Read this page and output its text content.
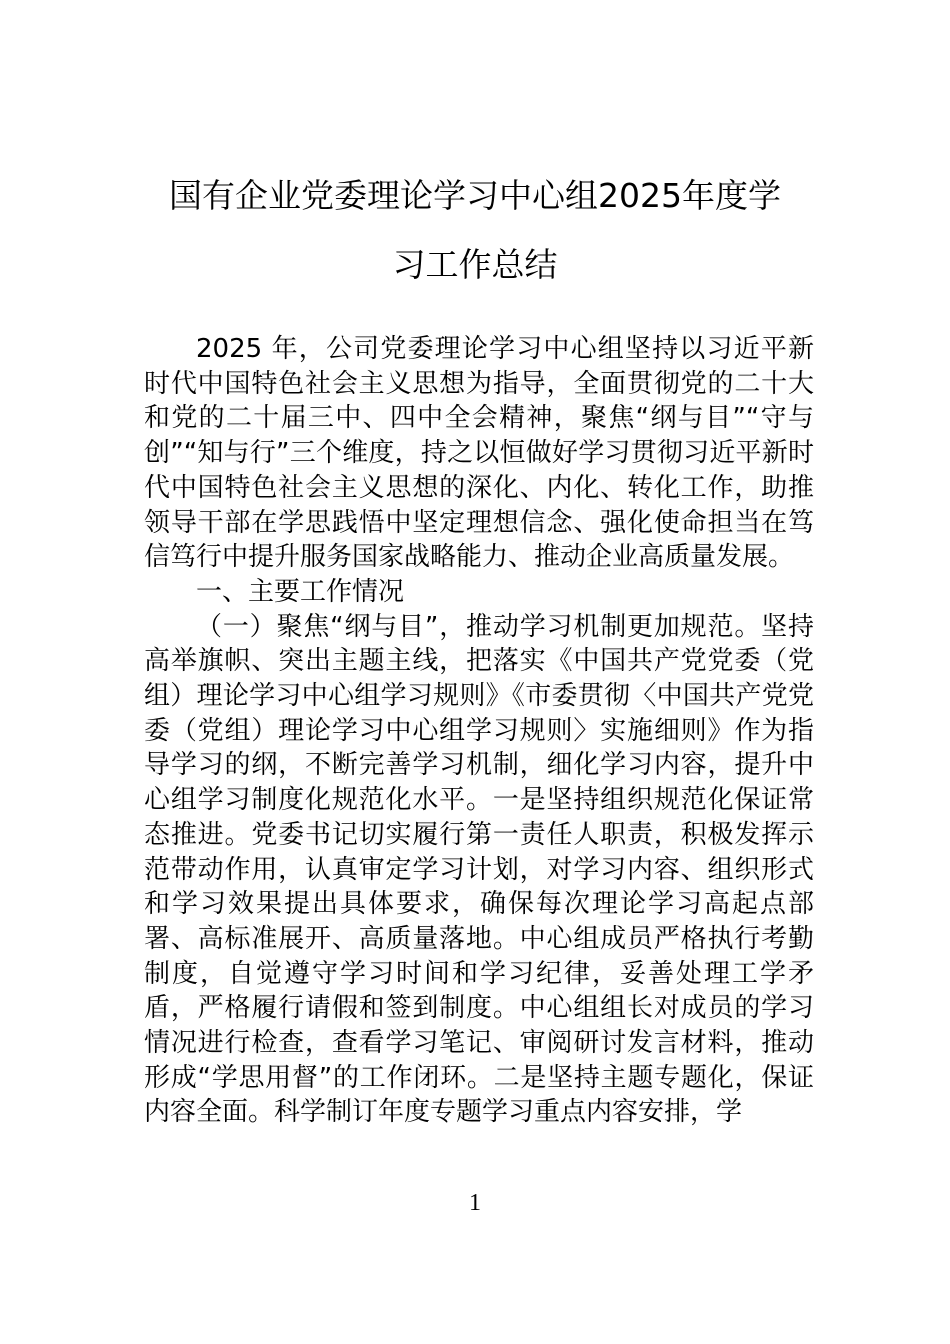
国有企业党委理论学习中心组2025年度学
习工作总结

2025 年，公司党委理论学习中心组坚持以习近平新时代中国特色社会主义思想为指导，全面贯彻党的二十大和党的二十届三中、四中全会精神，聚焦“纲与目”“守与创”“知与行”三个维度，持之以恒做好学习贯彻习近平新时代中国特色社会主义思想的深化、内化、转化工作，助推领导干部在学思践悟中坚定理想信念、强化使命担当在笃信笃行中提升服务国家战略能力、推动企业高质量发展。

一、主要工作情况

（一）聚焦“纲与目”，推动学习机制更加规范。坚持高举旗帜、突出主题主线，把落实《中国共产党党委（党组）理论学习中心组学习规则》《市委贯彻〈中国共产党党委（党组）理论学习中心组学习规则〉实施细则》作为指导学习的纲，不断完善学习机制，细化学习内容，提升中心组学习制度化规范化水平。一是坚持组织规范化保证常态推进。党委书记切实履行第一责任人职责，积极发挥示范带动作用，认真审定学习计划，对学习内容、组织形式和学习效果提出具体要求，确保每次理论学习高起点部署、高标准展开、高质量落地。中心组成员严格执行考勤制度，自觉遵守学习时间和学习纪律，妥善处理工学矛盾，严格履行请假和签到制度。中心组组长对成员的学习情况进行检查，查看学习笔记、审阅研讨发言材料，推动形成“学思用督”的工作闭环。二是坚持主题专题化，保证内容全面。科学制订年度专题学习重点内容安排，学

1
